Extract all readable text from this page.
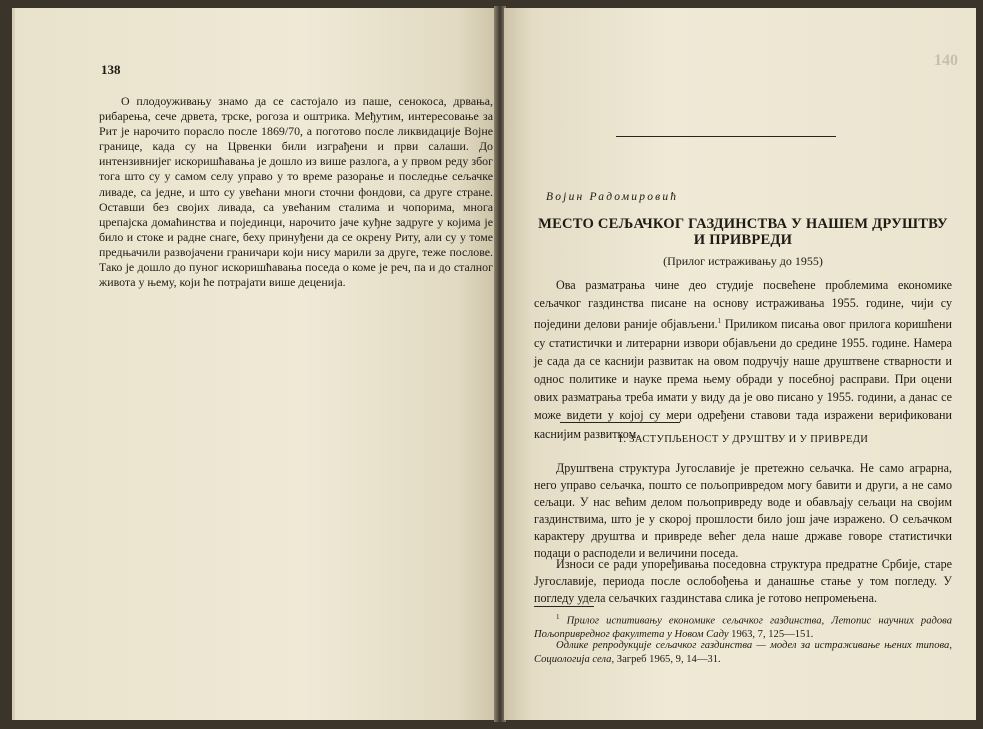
138

О плодоуживању знамо да се састојало из паше, сенокоса, дрвања, рибарења, сече дрвета, трске, рогоза и оштрика. Међутим, интересовање за Рит је нарочито порасло после 1869/70, а поготово после ликвидације Војне границе, када су на Црвенки били изграђени и први салаши. До интензивнијег искоришћавања је дошло из више разлога, а у првом реду због тога што су у самом селу управо у то време разорање и последње сељачке ливаде, са једне, и што су увећани многи сточни фондови, са друге стране. Оставши без својих ливада, са увећаним сталима и чопорима, многа црепајска домаћинства и појединци, нарочито јаче куђне задруге у којима је било и стоке и радне снаге, беху принуђени да се окрену Риту, али су у томе предњачили развојачени граничари који нису марили за друге, теже послове. Тако је дошло до пуног искоришћавања поседа о коме је реч, па и до сталног живота у њему, који ће потрајати више деценија.

140
Војин Радомировић

МЕСТО СЕЉАЧКОГ ГАЗДИНСТВА У НАШЕМ ДРУШТВУ И ПРИВРЕДИ

(Прилог истраживању до 1955)

Ова разматрања чине део студије посвећене проблемима економике сељачког газдинства писане на основу истраживања 1955. године, чији су поједини делови раније објављени.$^1$ Приликом писања овог прилога коришћени су статистички и литерарни извори објављени до средине 1955. године. Намера је сада да се каснији развитак на овом подручју наше друштвене стварности и однос политике и науке према њему обради у посебној расправи. При оцени ових разматрања треба имати у виду да је ово писано у 1955. години, а данас се може видети у којој су мери одређени ставови тада изражени верификовани каснијим развитком.

1. ЗАСТУПЉЕНОСТ У ДРУШТВУ И У ПРИВРЕДИ

Друштвена структура Југославије је претежно сељачка. Не само аграрна, него управо сељачка, пошто се пољопривредом могу бавити и други, а не само сељаци. У нас већим делом пољопривреду воде и обављају сељаци на својим газдинствима, што је у скорој прошлости било још јаче изражено. О сељачком карактеру друштва и привреде већег дела наше државе говоре статистички подаци о расподели и величини поседа.

Износи се ради упоређивања поседовна структура предратне Србије, старе Југославије, периода после ослобођења и данашње стање у том погледу. У погледу удела сељачких газдинстава слика је готово непромењена.

$^1$ Прилог испитивању економике сељачког газдинства, Летопис научних радова Пољопривредног факултета у Новом Саду 1963, 7, 125—151.

Одлике репродукције сељачког газдинства — модел за истраживање њених типова, Социологија села, Загреб 1965, 9, 14—31.
